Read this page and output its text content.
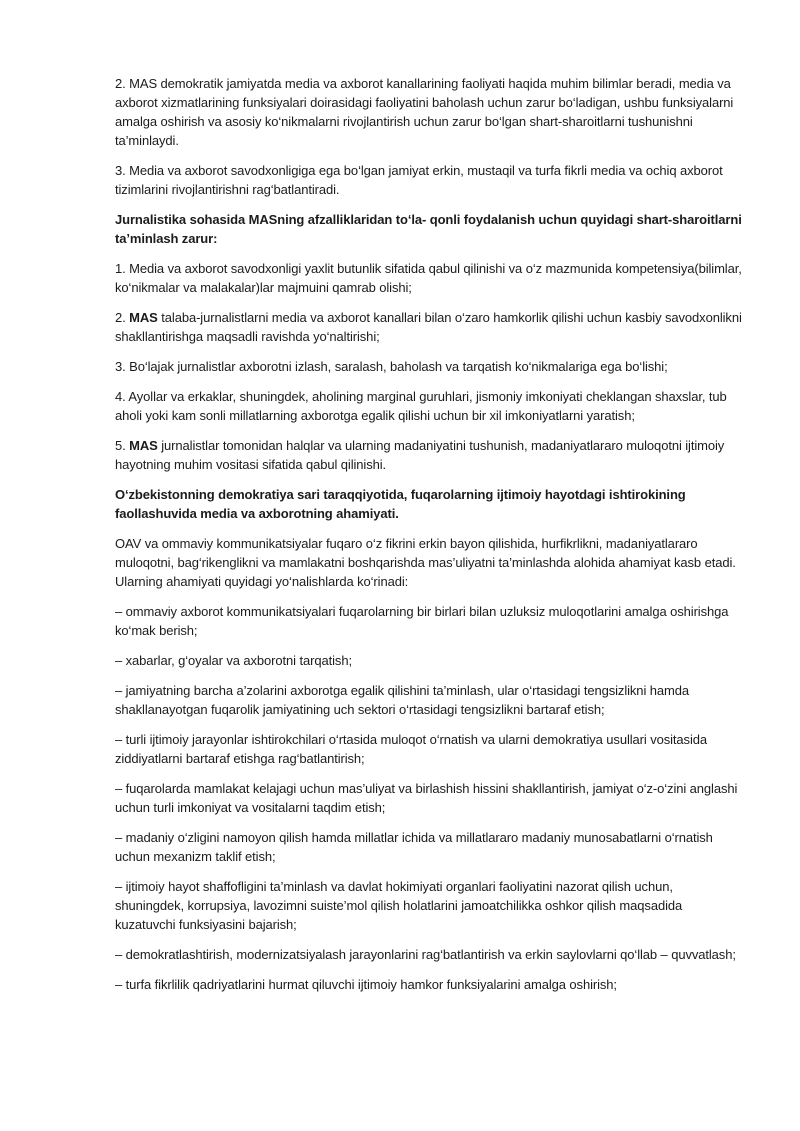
2. MAS demokratik jamiyatda media va axborot kanallarining faoliyati haqida muhim bilimlar beradi, media va axborot xizmatlarining funksiyalari doirasidagi faoliyatini baholash uchun zarur bo‘ladigan, ushbu funksiyalarni amalga oshirish va asosiy ko‘nikmalarni rivojlantirish uchun zarur bo‘lgan shart-sharoitlarni tushunishni ta’minlaydi.

3. Media va axborot savodxonligiga ega bo‘lgan jamiyat erkin, mustaqil va turfa fikrli media va ochiq axborot tizimlarini rivojlantirishni rag‘batlantiradi.

Jurnalistika sohasida MASning afzalliklaridan to‘la- qonli foydalanish uchun quyidagi shart-sharoitlarni ta’minlash zarur:

1. Media va axborot savodxonligi yaxlit butunlik sifatida qabul qilinishi va o‘z mazmunida kompetensiya(bilimlar, ko‘nikmalar va malakalar)lar majmuini qamrab olishi;

2. MAS talaba-jurnalistlarni media va axborot kanallari bilan o‘zaro hamkorlik qilishi uchun kasbiy savodxonlikni shakllantirishga maqsadli ravishda yo‘naltirishi;

3. Bo‘lajak jurnalistlar axborotni izlash, saralash, baholash va tarqatish ko‘nikmalariga ega bo‘lishi;

4. Ayollar va erkaklar, shuningdek, aholining marginal guruhlari, jismoniy imkoniyati cheklangan shaxslar, tub aholi yoki kam sonli millatlarning axborotga egalik qilishi uchun bir xil imkoniyatlarni yaratish;

5. MAS jurnalistlar tomonidan halqlar va ularning madaniyatini tushunish, madaniyatlararo muloqotni ijtimoiy hayotning muhim vositasi sifatida qabul qilinishi.

O‘zbekistonning demokratiya sari taraqqiyotida, fuqarolarning ijtimoiy hayotdagi ishtirokining faollashuvida media va axborotning ahamiyati.

OAV va ommaviy kommunikatsiyalar fuqaro o‘z fikrini erkin bayon qilishida, hurfikrlikni, madaniyatlararo muloqotni, bag‘rikenglikni va mamlakatni boshqarishda mas’uliyatni ta’minlashda alohida ahamiyat kasb etadi. Ularning ahamiyati quyidagi yo‘nalishlarda ko‘rinadi:

– ommaviy axborot kommunikatsiyalari fuqarolarning bir birlari bilan uzluksiz muloqotlarini amalga oshirishga ko‘mak berish;

– xabarlar, g‘oyalar va axborotni tarqatish;

– jamiyatning barcha a’zolarini axborotga egalik qilishini ta’minlash, ular o‘rtasidagi tengsizlikni hamda shakllanayotgan fuqarolik jamiyatining uch sektori o‘rtasidagi tengsizlikni bartaraf etish;

– turli ijtimoiy jarayonlar ishtirokchilari o‘rtasida muloqot o‘rnatish va ularni demokratiya usullari vositasida ziddiyatlarni bartaraf etishga rag‘batlantirish;

– fuqarolarda mamlakat kelajagi uchun mas’uliyat va birlashish hissini shakllantirish, jamiyat o‘z-o‘zini anglashi uchun turli imkoniyat va vositalarni taqdim etish;

– madaniy o‘zligini namoyon qilish hamda millatlar ichida va millatlararo madaniy munosabatlarni o‘rnatish uchun mexanizm taklif etish;

– ijtimoiy hayot shaffofligini ta’minlash va davlat hokimiyati organlari faoliyatini nazorat qilish uchun, shuningdek, korrupsiya, lavozimni suiste’mol qilish holatlarini jamoatchilikka oshkor qilish maqsadida kuzatuvchi funksiyasini bajarish;

– demokratlashtirish, modernizatsiyalash jarayonlarini rag‘batlantirish va erkin saylovlarni qo‘llab – quvvatlash;

– turfa fikrlilik qadriyatlarini hurmat qiluvchi ijtimoiy hamkor funksiyalarini amalga oshirish;
